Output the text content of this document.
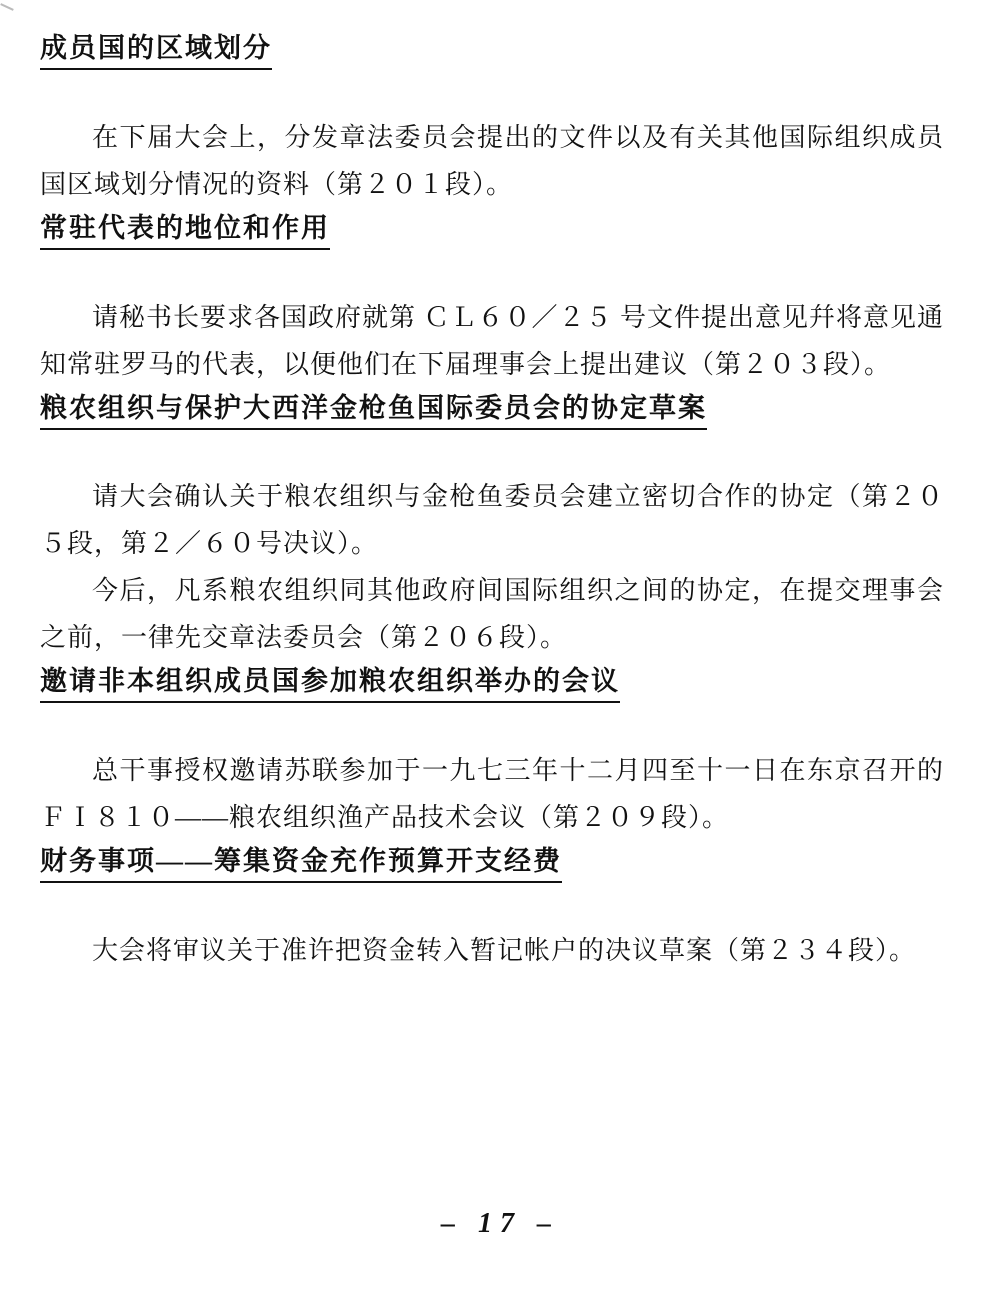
成员国的区域划分

在下届大会上，分发章法委员会提出的文件以及有关其他国际组织成员国区域划分情况的资料（第２０１段）。

常驻代表的地位和作用

请秘书长要求各国政府就第 ＣＬ６０／２５ 号文件提出意见幷将意见通知常驻罗马的代表，以便他们在下届理事会上提出建议（第２０３段）。

粮农组织与保护大西洋金枪鱼国际委员会的协定草案

请大会确认关于粮农组织与金枪鱼委员会建立密切合作的协定（第２０５段，第２／６０号决议）。

今后，凡系粮农组织同其他政府间国际组织之间的协定，在提交理事会之前，一律先交章法委员会（第２０６段）。

邀请非本组织成员国参加粮农组织举办的会议

总干事授权邀请苏联参加于一九七三年十二月四至十一日在东京召开的ＦＩ８１０——粮农组织渔产品技术会议（第２０９段）。

财务事项——筹集资金充作预算开支经费

大会将审议关于准许把资金转入暂记帐户的决议草案（第２３４段）。

– 17 –
